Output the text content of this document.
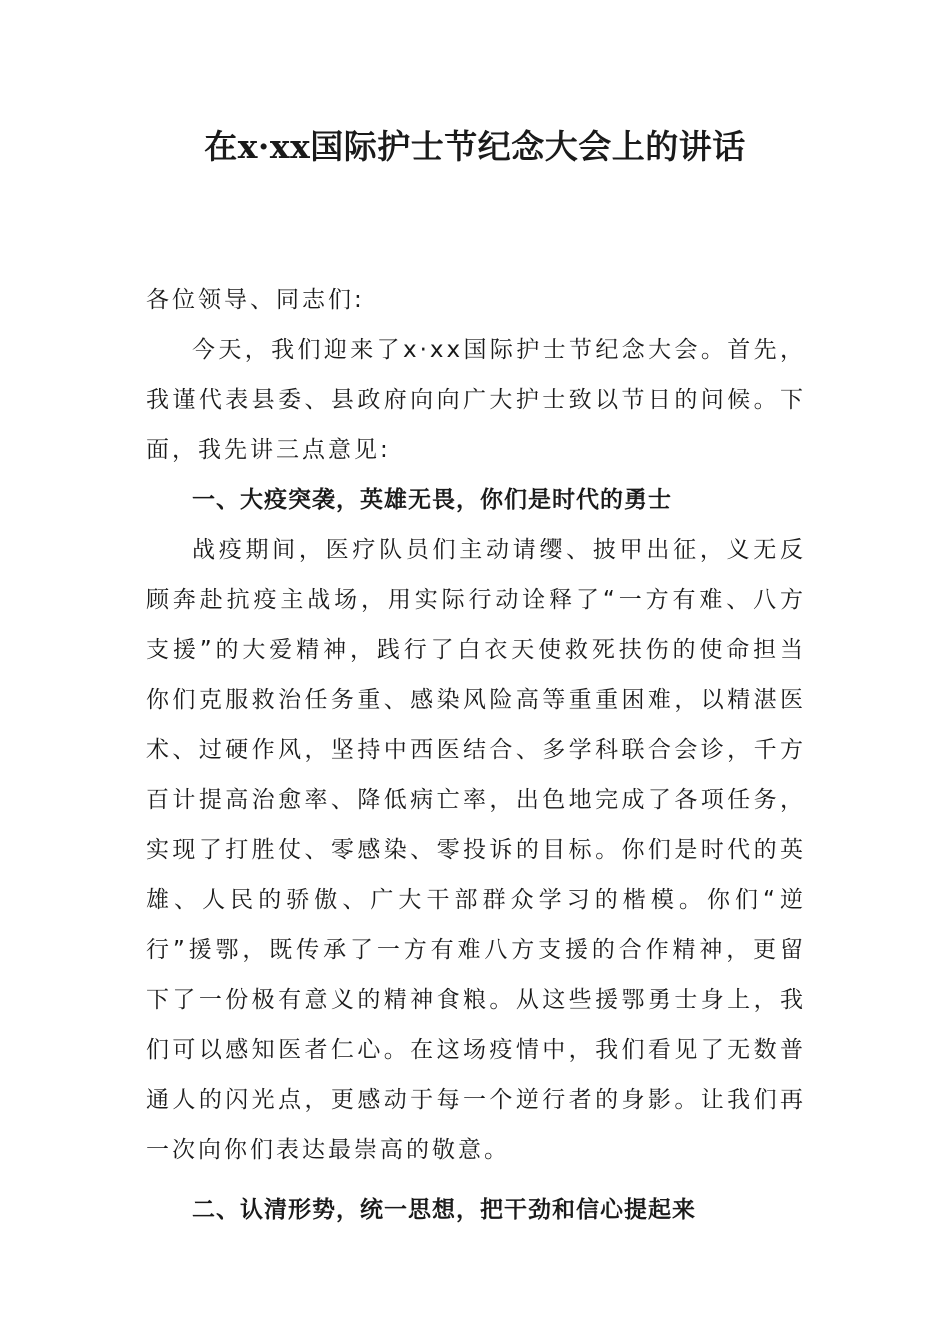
在x·xx国际护士节纪念大会上的讲话

各位领导、同志们:

今天，我们迎来了x·xx国际护士节纪念大会。首先，我谨代表县委、县政府向向广大护士致以节日的问候。下面，我先讲三点意见:

一、大疫突袭，英雄无畏，你们是时代的勇士

战疫期间，医疗队员们主动请缨、披甲出征，义无反顾奔赴抗疫主战场，用实际行动诠释了“一方有难、八方支援”的大爱精神，践行了白衣天使救死扶伤的使命担当你们克服救治任务重、感染风险高等重重困难，以精湛医术、过硬作风，坚持中西医结合、多学科联合会诊，千方百计提高治愈率、降低病亡率，出色地完成了各项任务，实现了打胜仗、零感染、零投诉的目标。你们是时代的英雄、人民的骄傲、广大干部群众学习的楷模。你们“逆行”援鄂，既传承了一方有难八方支援的合作精神，更留下了一份极有意义的精神食粮。从这些援鄂勇士身上，我们可以感知医者仁心。在这场疫情中，我们看见了无数普通人的闪光点，更感动于每一个逆行者的身影。让我们再一次向你们表达最崇高的敬意。

二、认清形势，统一思想，把干劲和信心提起来
